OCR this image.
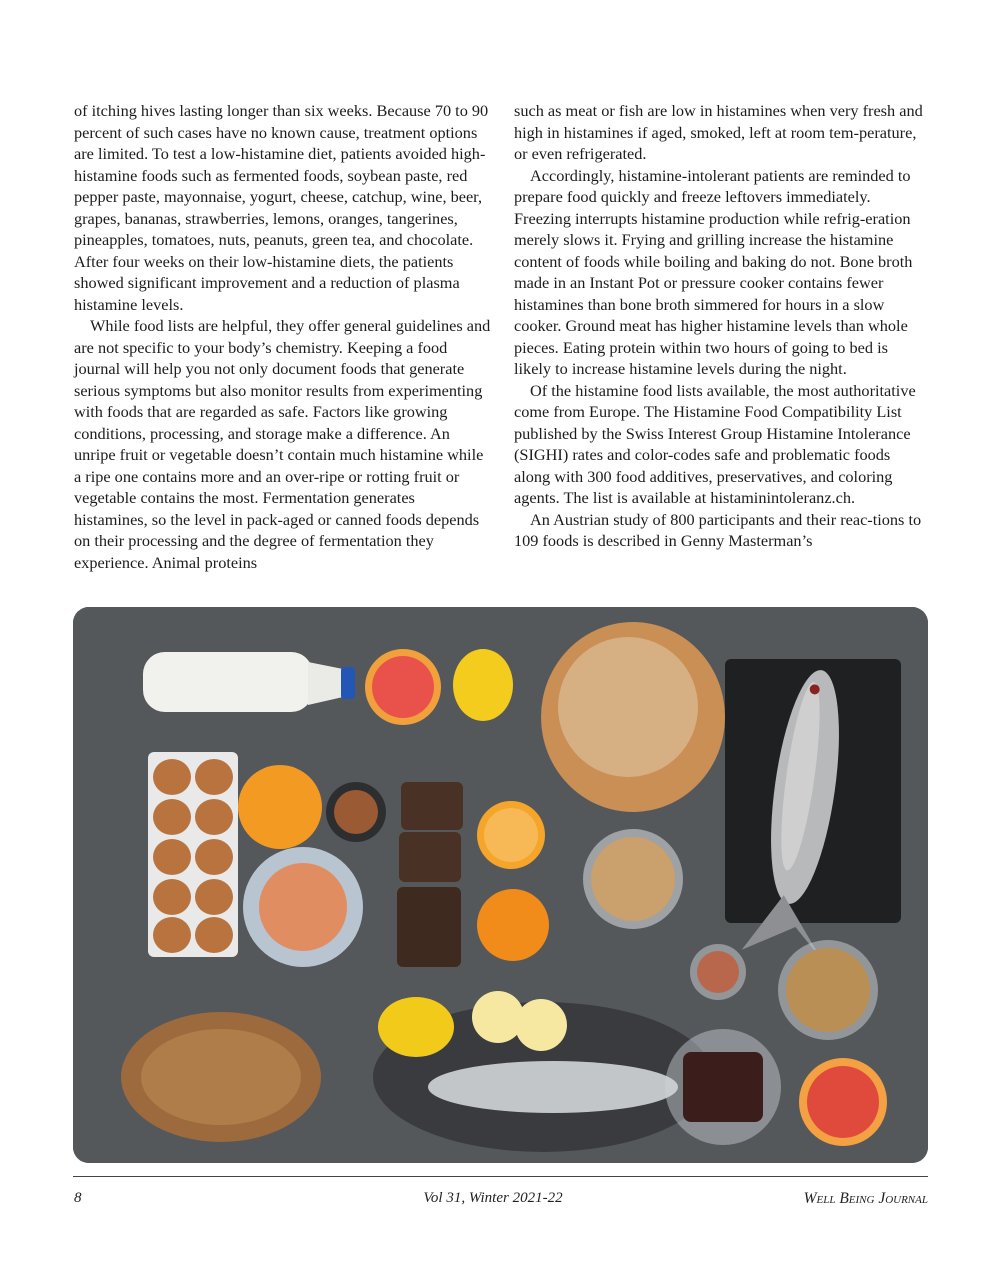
of itching hives lasting longer than six weeks. Because 70 to 90 percent of such cases have no known cause, treatment options are limited. To test a low-histamine diet, patients avoided high-histamine foods such as fermented foods, soybean paste, red pepper paste, mayonnaise, yogurt, cheese, catchup, wine, beer, grapes, bananas, strawberries, lemons, oranges, tangerines, pineapples, tomatoes, nuts, peanuts, green tea, and chocolate. After four weeks on their low-histamine diets, the patients showed significant improvement and a reduction of plasma histamine levels.

While food lists are helpful, they offer general guidelines and are not specific to your body’s chemistry. Keeping a food journal will help you not only document foods that generate serious symptoms but also monitor results from experimenting with foods that are regarded as safe. Factors like growing conditions, processing, and storage make a difference. An unripe fruit or vegetable doesn’t contain much histamine while a ripe one contains more and an over-ripe or rotting fruit or vegetable contains the most. Fermentation generates histamines, so the level in pack-aged or canned foods depends on their processing and the degree of fermentation they experience. Animal proteins

such as meat or fish are low in histamines when very fresh and high in histamines if aged, smoked, left at room tem-perature, or even refrigerated.

Accordingly, histamine-intolerant patients are reminded to prepare food quickly and freeze leftovers immediately. Freezing interrupts histamine production while refrig-eration merely slows it. Frying and grilling increase the histamine content of foods while boiling and baking do not. Bone broth made in an Instant Pot or pressure cooker contains fewer histamines than bone broth simmered for hours in a slow cooker. Ground meat has higher histamine levels than whole pieces. Eating protein within two hours of going to bed is likely to increase histamine levels during the night.

Of the histamine food lists available, the most authoritative come from Europe. The Histamine Food Compatibility List published by the Swiss Interest Group Histamine Intolerance (SIGHI) rates and color-codes safe and problematic foods along with 300 food additives, preservatives, and coloring agents. The list is available at histaminintoleranz.ch.

An Austrian study of 800 participants and their reac-tions to 109 foods is described in Genny Masterman’s

8	Vol 31, Winter 2021-22	Well Being Journal
